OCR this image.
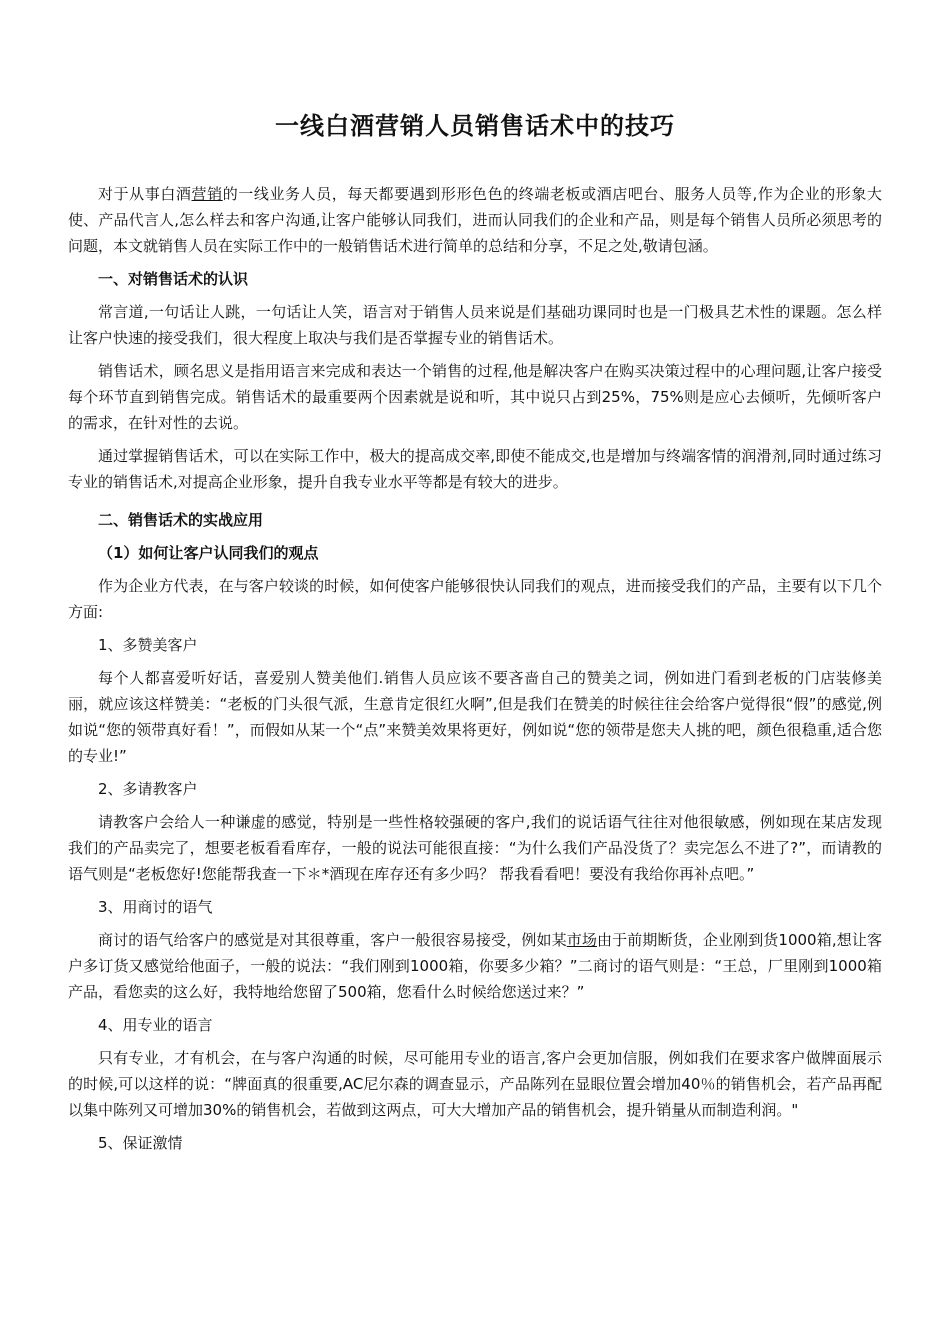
一线白酒营销人员销售话术中的技巧

对于从事白酒营销的一线业务人员，每天都要遇到形形色色的终端老板或酒店吧台、服务人员等,作为企业的形象大使、产品代言人,怎么样去和客户沟通,让客户能够认同我们，进而认同我们的企业和产品，则是每个销售人员所必须思考的问题，本文就销售人员在实际工作中的一般销售话术进行简单的总结和分享，不足之处,敬请包涵。

一、对销售话术的认识

常言道,一句话让人跳，一句话让人笑，语言对于销售人员来说是们基础功课同时也是一门极具艺术性的课题。怎么样让客户快速的接受我们，很大程度上取决与我们是否掌握专业的销售话术。

销售话术，顾名思义是指用语言来完成和表达一个销售的过程,他是解决客户在购买决策过程中的心理问题,让客户接受每个环节直到销售完成。销售话术的最重要两个因素就是说和听，其中说只占到25%，75%则是应心去倾听，先倾听客户的需求，在针对性的去说。

通过掌握销售话术，可以在实际工作中，极大的提高成交率,即使不能成交,也是增加与终端客情的润滑剂,同时通过练习专业的销售话术,对提高企业形象，提升自我专业水平等都是有较大的进步。

二、销售话术的实战应用

（1）如何让客户认同我们的观点

作为企业方代表，在与客户较谈的时候，如何使客户能够很快认同我们的观点，进而接受我们的产品，主要有以下几个方面:

1、多赞美客户

每个人都喜爱听好话，喜爱别人赞美他们.销售人员应该不要吝啬自己的赞美之词，例如进门看到老板的门店装修美丽，就应该这样赞美：“老板的门头很气派，生意肯定很红火啊”,但是我们在赞美的时候往往会给客户觉得很“假”的感觉,例如说“您的领带真好看！”，而假如从某一个“点”来赞美效果将更好，例如说“您的领带是您夫人挑的吧，颜色很稳重,适合您的专业!”

2、多请教客户

请教客户会给人一种谦虚的感觉，特别是一些性格较强硬的客户,我们的说话语气往往对他很敏感，例如现在某店发现我们的产品卖完了，想要老板看看库存，一般的说法可能很直接：“为什么我们产品没货了？卖完怎么不进了?”，而请教的语气则是“老板您好!您能帮我查一下＊*酒现在库存还有多少吗？ 帮我看看吧！要没有我给你再补点吧。”

3、用商讨的语气

商讨的语气给客户的感觉是对其很尊重，客户一般很容易接受，例如某市场由于前期断货，企业刚到货1000箱,想让客户多订货又感觉给他面子，一般的说法：“我们刚到1000箱，你要多少箱？”二商讨的语气则是：“王总，厂里刚到1000箱产品，看您卖的这么好，我特地给您留了500箱，您看什么时候给您送过来？”

4、用专业的语言

只有专业，才有机会，在与客户沟通的时候，尽可能用专业的语言,客户会更加信服，例如我们在要求客户做牌面展示的时候,可以这样的说：“牌面真的很重要,AC尼尔森的调查显示，产品陈列在显眼位置会增加40％的销售机会，若产品再配以集中陈列又可增加30%的销售机会，若做到这两点，可大大增加产品的销售机会，提升销量从而制造利润。"

5、保证激情
